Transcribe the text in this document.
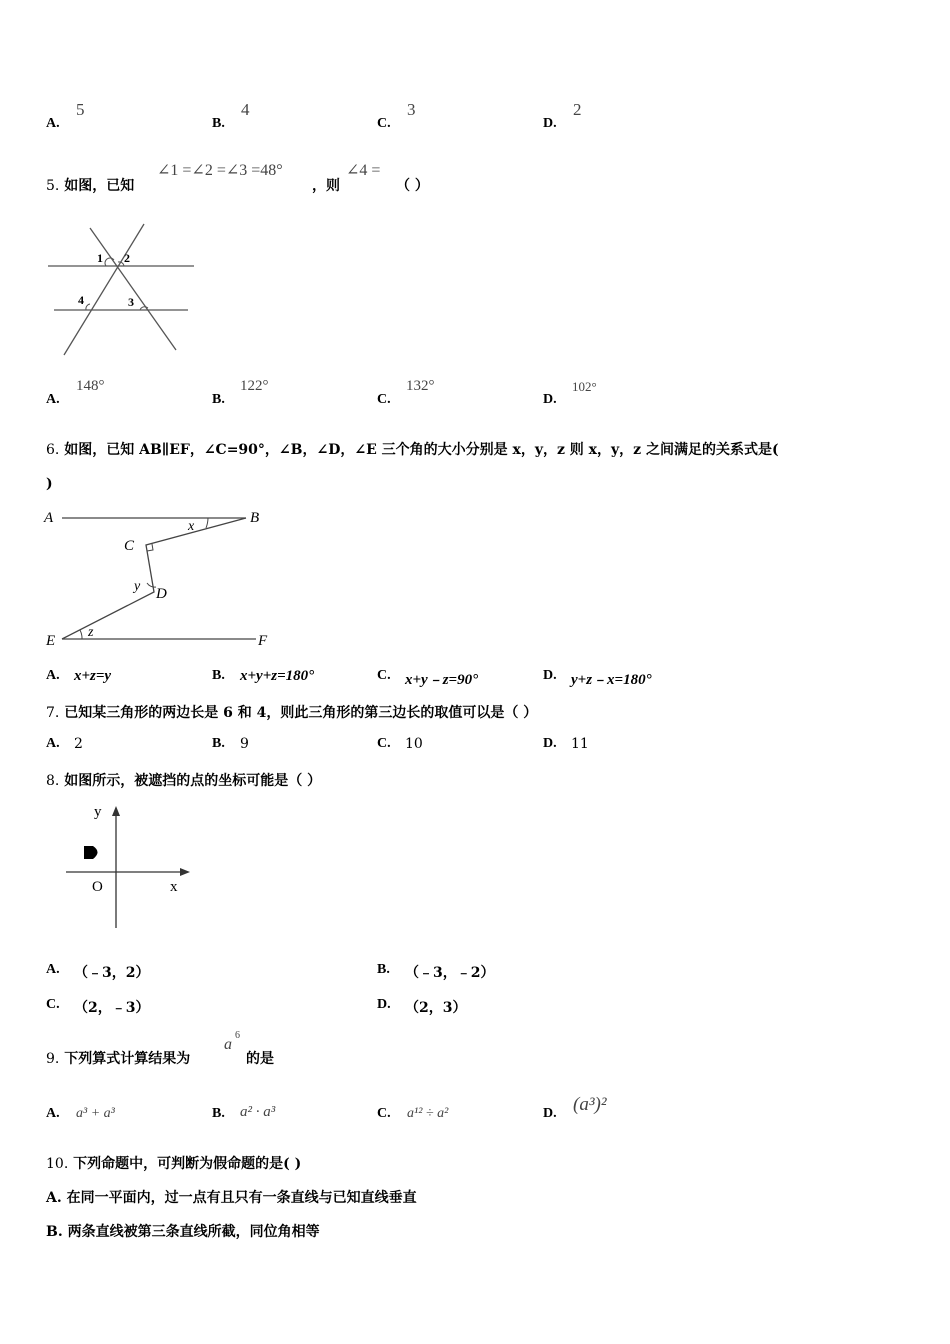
A.
5
B.
4
C.
3
D.
2
5. 如图，已知
∠1 =∠2 =∠3 =48°
，则
∠4 =
（ ）
1 2
4	3
A.
148°
B.
122°
C.
132°
D.
102°
6. 如图，已知 AB∥EF，∠C=90°，∠B，∠D，∠E 三个角的大小分别是 x，y，z 则 x，y，z 之间满足的关系式是(
)
A	B
C
D
E	F
x
y
z
A. x+z=y	B. x+y+z=180°	C. x+y﹣z=90°	D. y+z﹣x=180°
7. 已知某三角形的两边长是 6 和 4，则此三角形的第三边长的取值可以是（ ）
A. 2	B. 9	C. 10	D. 11
8. 如图所示，被遮挡的点的坐标可能是（ ）
y
x
O
A. （﹣3，2）	B. （﹣3，﹣2）
C. （2，﹣3）	D. （2，3）
9. 下列算式计算结果为
a
6
的是
A. a³ + a³	B. a² · a³	C. a¹² ÷ a²	D. (a³)²
10. 下列命题中，可判断为假命题的是( )
A. 在同一平面内，过一点有且只有一条直线与已知直线垂直
B. 两条直线被第三条直线所截，同位角相等
